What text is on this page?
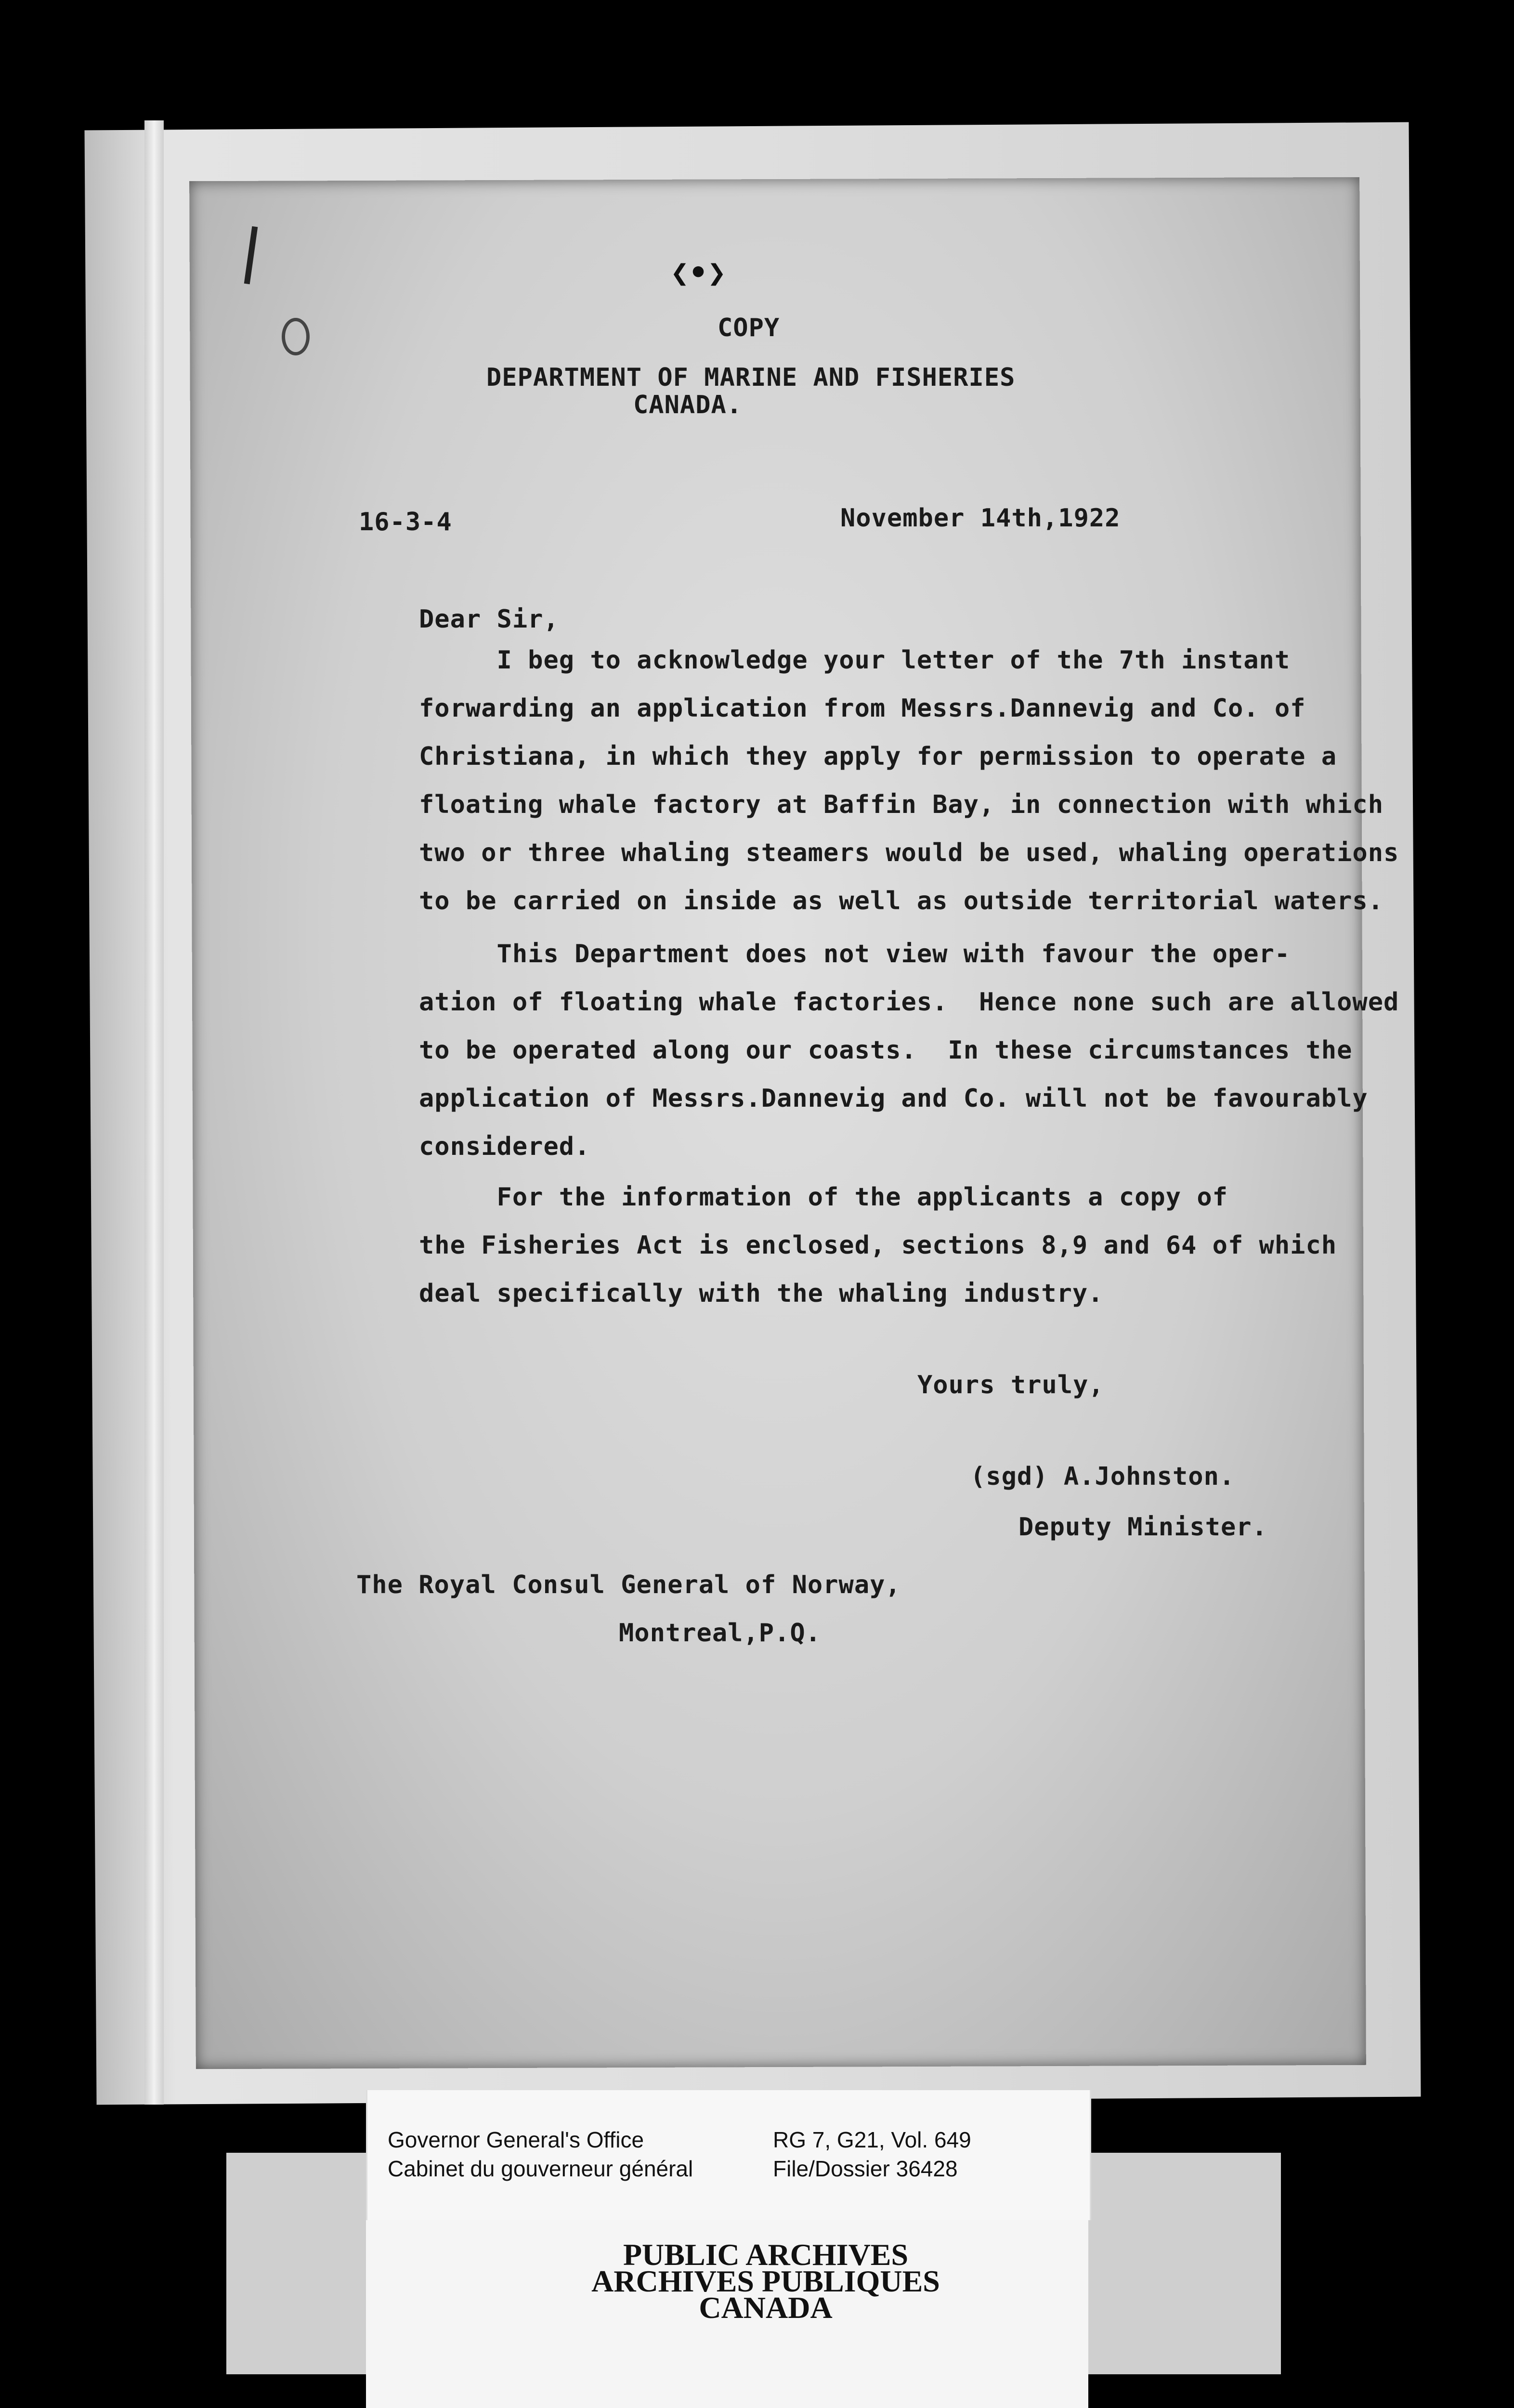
❮•❯
COPY
DEPARTMENT OF MARINE AND FISHERIES
CANADA.
16-3-4	November 14th,1922
Dear Sir,
I beg to acknowledge your letter of the 7th instant
forwarding an application from Messrs.Dannevig and Co. of
Christiana, in which they apply for permission to operate a
floating whale factory at Baffin Bay, in connection with which
two or three whaling steamers would be used, whaling operations
to be carried on inside as well as outside territorial waters.
This Department does not view with favour the oper-
ation of floating whale factories.  Hence none such are allowed
to be operated along our coasts.  In these circumstances the
application of Messrs.Dannevig and Co. will not be favourably
considered.
For the information of the applicants a copy of
the Fisheries Act is enclosed, sections 8,9 and 64 of which
deal specifically with the whaling industry.
Yours truly,
(sgd) A.Johnston.
Deputy Minister.
The Royal Consul General of Norway,
Montreal,P.Q.
Governor General's Office
Cabinet du gouverneur général
RG 7, G21, Vol. 649
File/Dossier 36428
PUBLIC ARCHIVES
ARCHIVES PUBLIQUES
CANADA
